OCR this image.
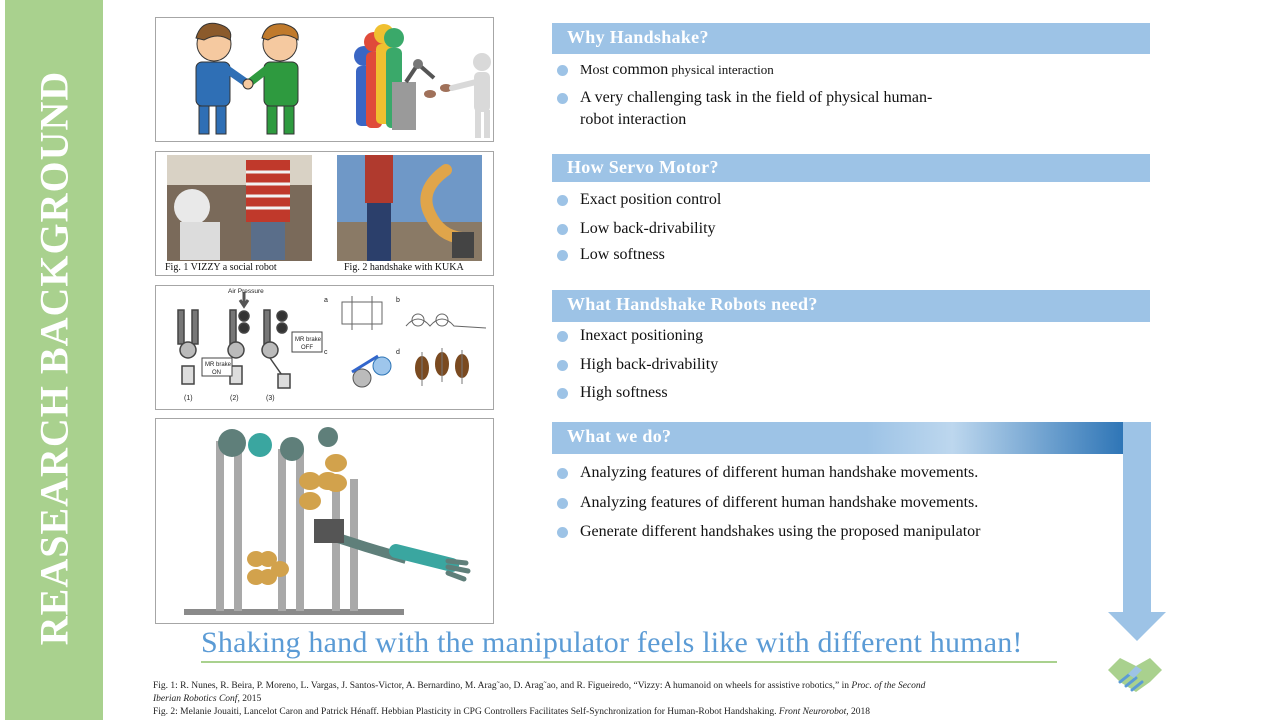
REASEARCH BACKGROUND	Fig. 1 VIZZY a social robot	Fig. 2 handshake with KUKA
Air Pressure
MR brake
ON
MR brake
OFF
(1)	(2)	(3)
a	b
c	d
Why Handshake?
Most common physical interaction
A very challenging task in the field of physical human-
robot interaction
How Servo Motor?
Exact position control
Low back-drivability
Low softness
What Handshake Robots need?
Inexact positioning
High back-drivability
High softness
What we do?
Analyzing features of different human handshake movements.
Analyzing features of different human handshake movements.
Generate different handshakes using the proposed manipulator
Shaking hand with the manipulator feels like with different human!
Fig. 1: R. Nunes, R. Beira, P. Moreno, L. Vargas, J. Santos-Victor, A. Bernardino, M. Arag˜ao, D. Arag˜ao, and R. Figueiredo, “Vizzy: A humanoid on wheels for assistive robotics,” in Proc. of the Second
Iberian Robotics Conf, 2015
Fig. 2: Melanie Jouaiti, Lancelot Caron and Patrick Hénaff. Hebbian Plasticity in CPG Controllers Facilitates Self-Synchronization for Human-Robot Handshaking. Front Neurorobot, 2018
